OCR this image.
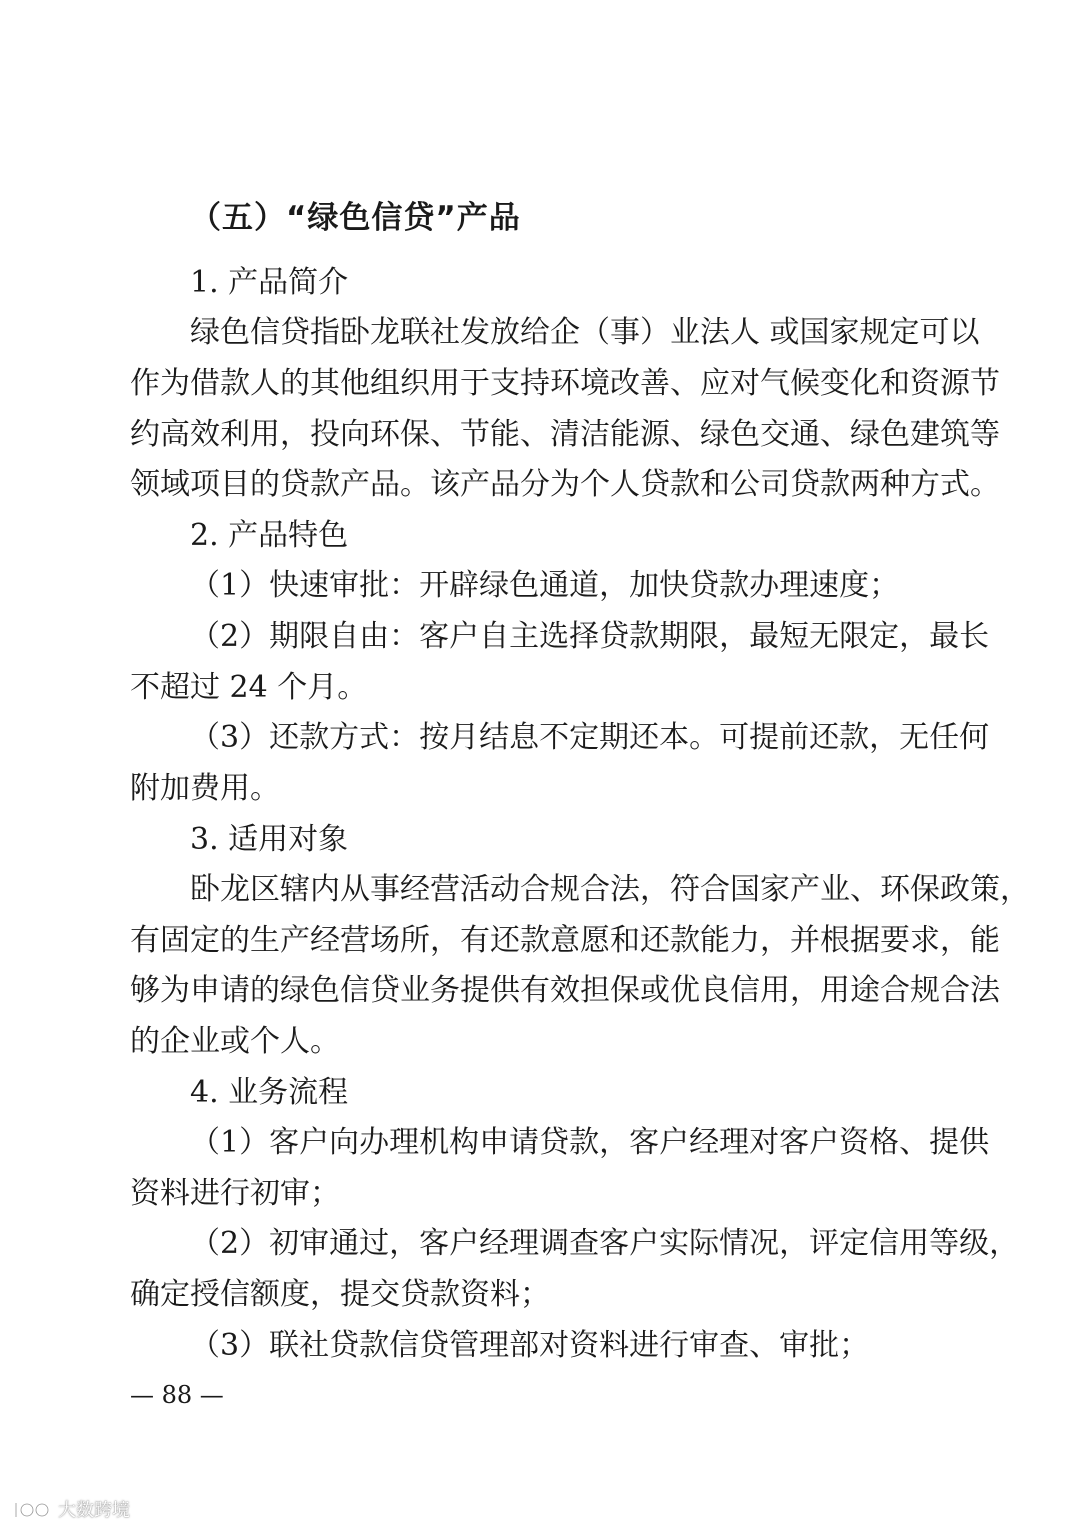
（五）“绿色信贷”产品
1. 产品简介
绿色信贷指卧龙联社发放给企（事）业法人 或国家规定可以
作为借款人的其他组织用于支持环境改善、应对气候变化和资源节
约高效利用，投向环保、节能、清洁能源、绿色交通、绿色建筑等
领域项目的贷款产品。该产品分为个人贷款和公司贷款两种方式。
2. 产品特色
（1）快速审批：开辟绿色通道，加快贷款办理速度；
（2）期限自由：客户自主选择贷款期限，最短无限定，最长
不超过 24 个月。
（3）还款方式：按月结息不定期还本。可提前还款，无任何
附加费用。
3. 适用对象
卧龙区辖内从事经营活动合规合法，符合国家产业、环保政策，
有固定的生产经营场所，有还款意愿和还款能力，并根据要求，能
够为申请的绿色信贷业务提供有效担保或优良信用，用途合规合法
的企业或个人。
4. 业务流程
（1）客户向办理机构申请贷款，客户经理对客户资格、提供
资料进行初审；
（2）初审通过，客户经理调查客户实际情况，评定信用等级，
确定授信额度，提交贷款资料；
（3）联社贷款信贷管理部对资料进行审查、审批；
— 88 —
大数跨境
